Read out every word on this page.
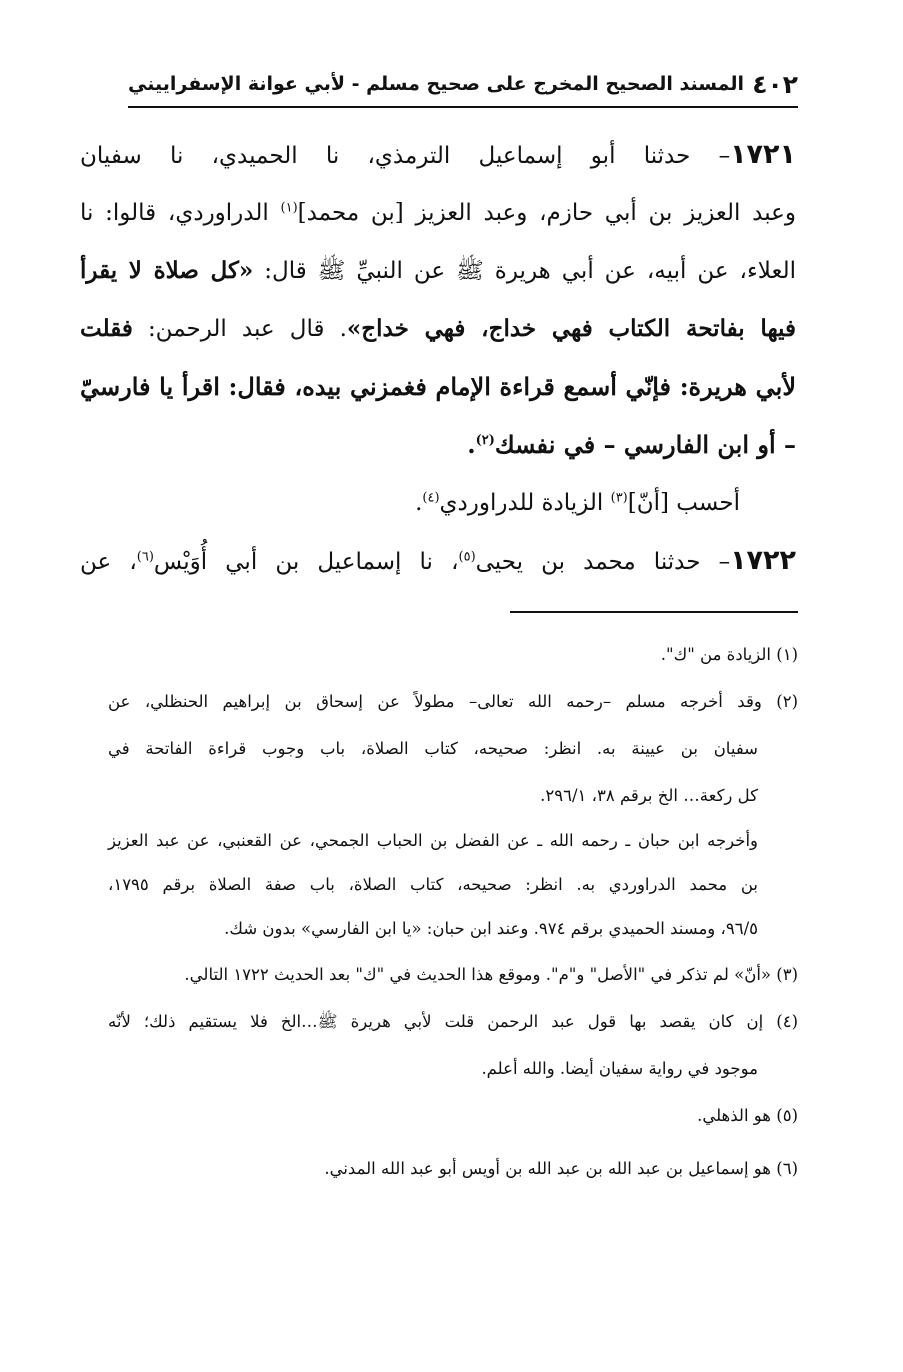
٤٠٢
المسند الصحيح المخرج على صحيح مسلم - لأبي عوانة الإسفراييني
١٧٢١– حدثنا أبو إسماعيل الترمذي، نا الحميدي، نا سفيان
وعبد العزيز بن أبي حازم، وعبد العزيز [بن محمد]$^{(١)}$ الدراوردي، قالوا: نا
العلاء، عن أبيه، عن أبي هريرة ﷺ عن النبيِّ ﷺ قال: «كل صلاة لا يقرأ
فيها بفاتحة الكتاب فهي خداج، فهي خداج». قال عبد الرحمن: فقلت
لأبي هريرة: فإنّي أسمع قراءة الإمام فغمزني بيده، فقال: اقرأ يا فارسيّ
– أو ابن الفارسي – في نفسك$^{(٢)}$.
أحسب [أنّ]$^{(٣)}$ الزيادة للدراوردي$^{(٤)}$.
١٧٢٢– حدثنا محمد بن يحيى$^{(٥)}$، نا إسماعيل بن أبي أُوَيْس$^{(٦)}$، عن
(١) الزيادة من "ك".
(٢) وقد أخرجه مسلم –رحمه الله تعالى– مطولاً عن إسحاق بن إبراهيم الحنظلي، عن
سفيان بن عيينة به. انظر: صحيحه، كتاب الصلاة، باب وجوب قراءة الفاتحة في
كل ركعة… الخ برقم ٣٨، ٢٩٦/١.
وأخرجه ابن حبان ـ رحمه الله ـ عن الفضل بن الحباب الجمحي، عن القعنبي، عن عبد العزيز
بن محمد الدراوردي به. انظر: صحيحه، كتاب الصلاة، باب صفة الصلاة برقم ١٧٩٥،
٩٦/٥، ومسند الحميدي برقم ٩٧٤. وعند ابن حبان: «يا ابن الفارسي» بدون شك.
(٣) «أنّ» لم تذكر في "الأصل" و"م". وموقع هذا الحديث في "ك" بعد الحديث ١٧٢٢ التالي.
(٤) إن كان يقصد بها قول عبد الرحمن قلت لأبي هريرة ﷺ…الخ فلا يستقيم ذلك؛ لأنّه
موجود في رواية سفيان أيضا. والله أعلم.
(٥) هو الذهلي.
(٦) هو إسماعيل بن عبد الله بن عبد الله بن أويس أبو عبد الله المدني.
